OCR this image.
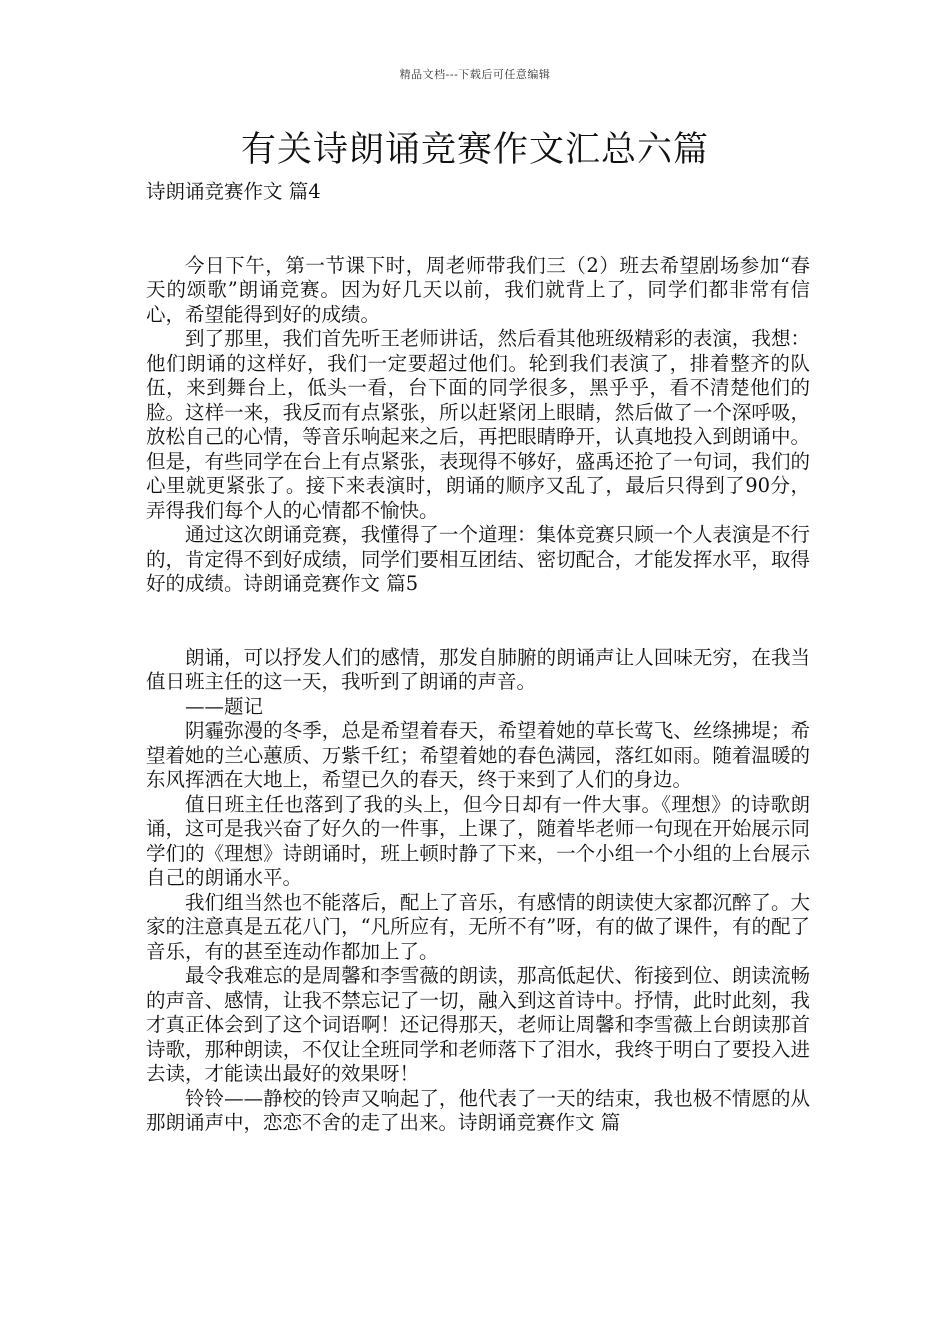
精品文档---下载后可任意编辑
有关诗朗诵竞赛作文汇总六篇

诗朗诵竞赛作文 篇4

今日下午，第一节课下时，周老师带我们三（2）班去希望剧场参加“春天的颂歌”朗诵竞赛。因为好几天以前，我们就背上了，同学们都非常有信心，希望能得到好的成绩。

到了那里，我们首先听王老师讲话，然后看其他班级精彩的表演，我想：他们朗诵的这样好，我们一定要超过他们。轮到我们表演了，排着整齐的队伍，来到舞台上，低头一看，台下面的同学很多，黑乎乎，看不清楚他们的脸。这样一来，我反而有点紧张，所以赶紧闭上眼睛，然后做了一个深呼吸，放松自己的心情，等音乐响起来之后，再把眼睛睁开，认真地投入到朗诵中。但是，有些同学在台上有点紧张，表现得不够好，盛禹还抢了一句词，我们的心里就更紧张了。接下来表演时，朗诵的顺序又乱了，最后只得到了90分，弄得我们每个人的心情都不愉快。

通过这次朗诵竞赛，我懂得了一个道理：集体竞赛只顾一个人表演是不行的，肯定得不到好成绩，同学们要相互团结、密切配合，才能发挥水平，取得好的成绩。诗朗诵竞赛作文 篇5

朗诵，可以抒发人们的感情，那发自肺腑的朗诵声让人回味无穷，在我当值日班主任的这一天，我听到了朗诵的声音。

——题记

阴霾弥漫的冬季，总是希望着春天，希望着她的草长莺飞、丝绦拂堤；希望着她的兰心蕙质、万紫千红；希望着她的春色满园，落红如雨。随着温暖的东风挥洒在大地上，希望已久的春天，终于来到了人们的身边。

值日班主任也落到了我的头上，但今日却有一件大事。《理想》的诗歌朗诵，这可是我兴奋了好久的一件事，上课了，随着毕老师一句现在开始展示同学们的《理想》诗朗诵时，班上顿时静了下来，一个小组一个小组的上台展示自己的朗诵水平。

我们组当然也不能落后，配上了音乐，有感情的朗读使大家都沉醉了。大家的注意真是五花八门，“凡所应有，无所不有”呀，有的做了课件，有的配了音乐，有的甚至连动作都加上了。

最令我难忘的是周馨和李雪薇的朗读，那高低起伏、衔接到位、朗读流畅的声音、感情，让我不禁忘记了一切，融入到这首诗中。抒情，此时此刻，我才真正体会到了这个词语啊！还记得那天，老师让周馨和李雪薇上台朗读那首诗歌，那种朗读，不仅让全班同学和老师落下了泪水，我终于明白了要投入进去读，才能读出最好的效果呀！

铃铃——静校的铃声又响起了，他代表了一天的结束，我也极不情愿的从那朗诵声中，恋恋不舍的走了出来。诗朗诵竞赛作文 篇
